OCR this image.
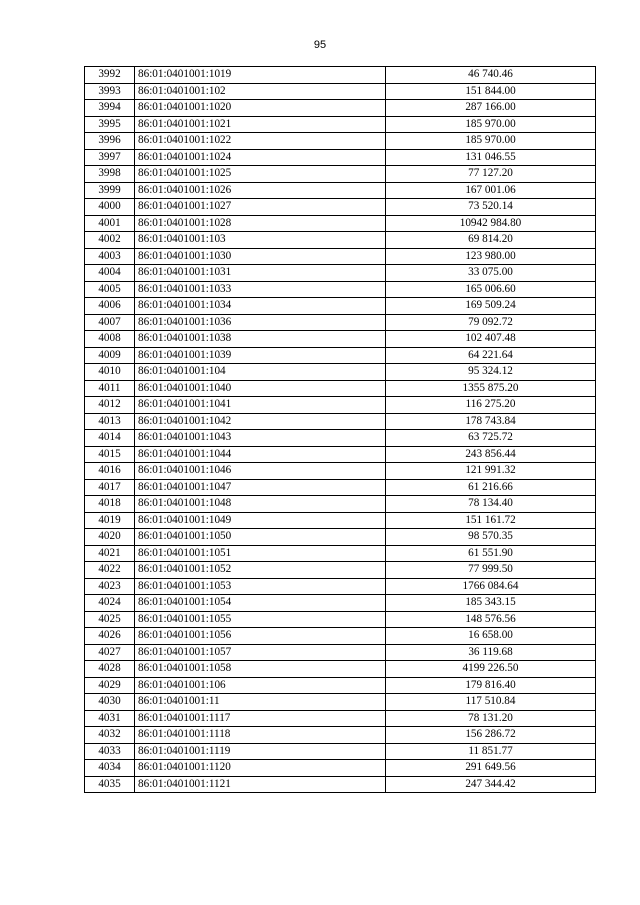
95
3992	86:01:0401001:1019	46 740.46
3993	86:01:0401001:102	151 844.00
3994	86:01:0401001:1020	287 166.00
3995	86:01:0401001:1021	185 970.00
3996	86:01:0401001:1022	185 970.00
3997	86:01:0401001:1024	131 046.55
3998	86:01:0401001:1025	77 127.20
3999	86:01:0401001:1026	167 001.06
4000	86:01:0401001:1027	73 520.14
4001	86:01:0401001:1028	10942 984.80
4002	86:01:0401001:103	69 814.20
4003	86:01:0401001:1030	123 980.00
4004	86:01:0401001:1031	33 075.00
4005	86:01:0401001:1033	165 006.60
4006	86:01:0401001:1034	169 509.24
4007	86:01:0401001:1036	79 092.72
4008	86:01:0401001:1038	102 407.48
4009	86:01:0401001:1039	64 221.64
4010	86:01:0401001:104	95 324.12
4011	86:01:0401001:1040	1355 875.20
4012	86:01:0401001:1041	116 275.20
4013	86:01:0401001:1042	178 743.84
4014	86:01:0401001:1043	63 725.72
4015	86:01:0401001:1044	243 856.44
4016	86:01:0401001:1046	121 991.32
4017	86:01:0401001:1047	61 216.66
4018	86:01:0401001:1048	78 134.40
4019	86:01:0401001:1049	151 161.72
4020	86:01:0401001:1050	98 570.35
4021	86:01:0401001:1051	61 551.90
4022	86:01:0401001:1052	77 999.50
4023	86:01:0401001:1053	1766 084.64
4024	86:01:0401001:1054	185 343.15
4025	86:01:0401001:1055	148 576.56
4026	86:01:0401001:1056	16 658.00
4027	86:01:0401001:1057	36 119.68
4028	86:01:0401001:1058	4199 226.50
4029	86:01:0401001:106	179 816.40
4030	86:01:0401001:11	117 510.84
4031	86:01:0401001:1117	78 131.20
4032	86:01:0401001:1118	156 286.72
4033	86:01:0401001:1119	11 851.77
4034	86:01:0401001:1120	291 649.56
4035	86:01:0401001:1121	247 344.42
